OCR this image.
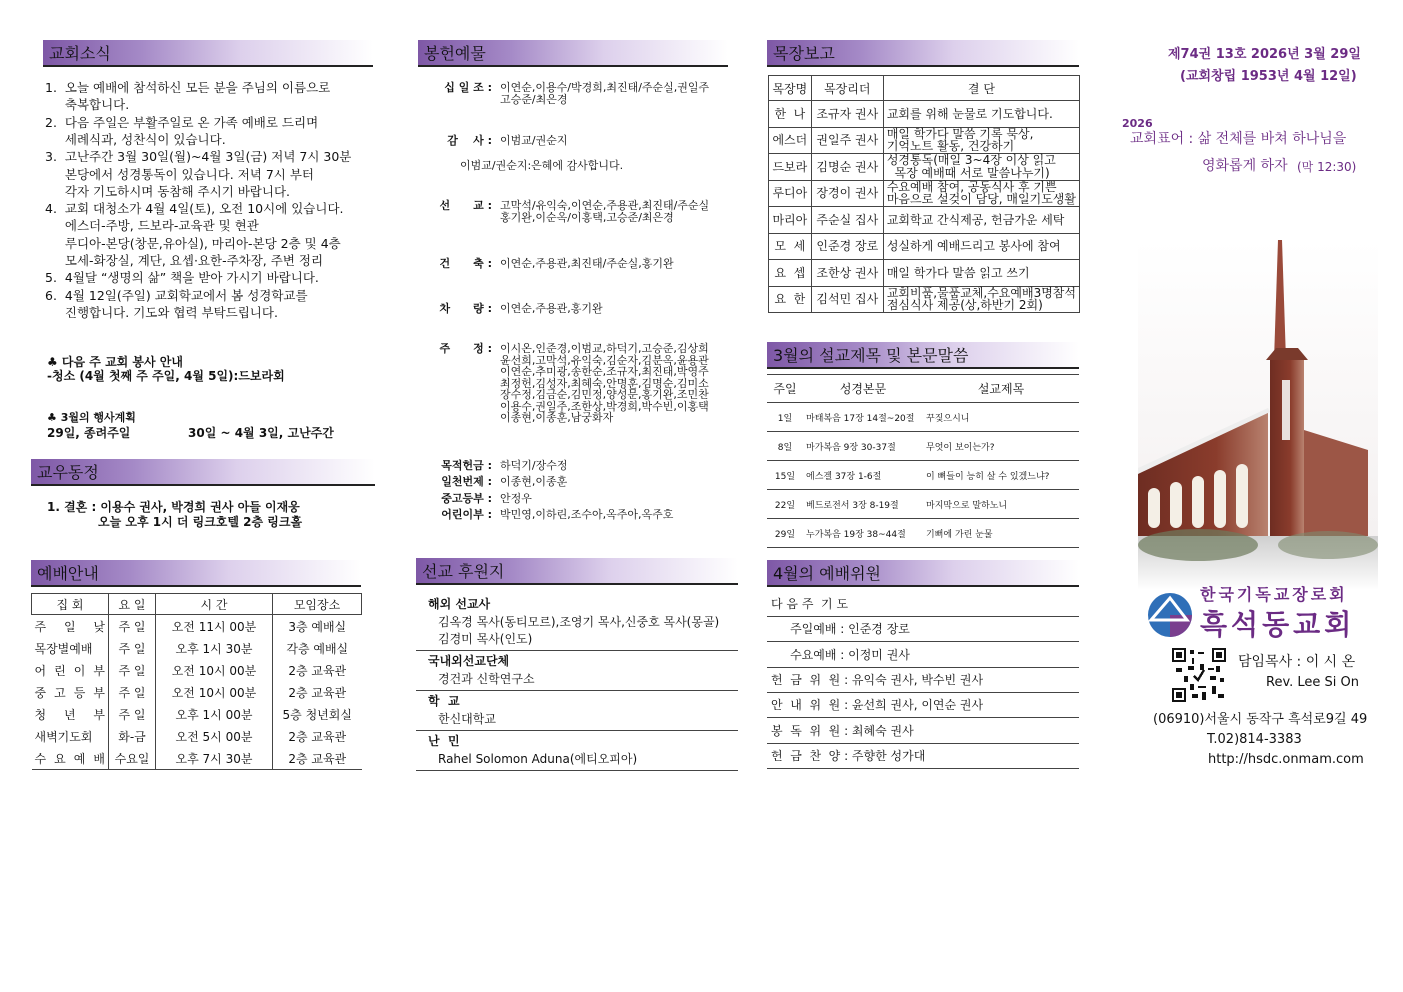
교회소식
1.  오늘 예배에 참석하신 모든 분을 주님의 이름으로
축복합니다.
2.  다음 주일은 부활주일로 온 가족 예배로 드리며
세례식과, 성찬식이 있습니다.
3.  고난주간 3월 30일(월)~4월 3일(금) 저녁 7시 30분
본당에서 성경통독이 있습니다. 저녁 7시 부터
각자 기도하시며 동참해 주시기 바랍니다.
4.  교회 대청소가 4월 4일(토), 오전 10시에 있습니다.
에스더-주방, 드보라-교육관 및 현관
루디아-본당(창문,유아실), 마리아-본당 2층 및 4층
모세-화장실, 계단, 요셉·요한-주차장, 주변 정리
5.  4월달 “생명의 삶” 책을 받아 가시기 바랍니다.
6.  4월 12일(주일) 교회학교에서 봄 성경학교를
진행합니다. 기도와 협력 부탁드립니다.
♣ 다음 주 교회 봉사 안내
-청소 (4월 첫째 주 주일, 4월 5일):드보라회
♣ 3월의 행사계획
29일, 종려주일	30일 ~ 4월 3일, 고난주간
교우동정
1. 결혼 : 이용수 권사, 박경희 권사 아들 이재웅
오늘 오후 1시 더 링크호텔 2층 링크홀
예배안내
집 회	요 일	시 간	모임장소
주 일 낮	주 일	오전 11시 00분	3층 예배실
목장별예배	주 일	오후 1시 30분	각층 예배실
어 린 이 부	주 일	오전 10시 00분	2층 교육관
중 고 등 부	주 일	오전 10시 00분	2층 교육관
청 년 부	주 일	오후 1시 00분	5층 청년회실
새벽기도회	화-금	오전 5시 00분	2층 교육관
수 요 예 배	수요일	오후 7시 30분	2층 교육관
봉헌예물
십 일 조 : 이연순,이용수/박경희,최진태/주순실,권일주
고승준/최은경
감    사 : 이범교/권순지
이범교/권순지:은혜에 감사합니다.
선      교 : 고막석/유익숙,이연순,주용관,최진태/주순실
홍기완,이순옥/이홍택,고승준/최은경
건      축 : 이연순,주용관,최진태/주순실,홍기완
차      량 : 이연순,주용관,홍기완
주      정 : 이시온,인준경,이범교,하덕기,고승준,김상희
윤선희,고막석,유익숙,김순자,김분옥,윤용관
이연순,추미광,송한순,조규자,최진태,박영주
최정헌,김성자,최혜숙,안명훈,김명순,김미소
장수정,김금순,김민정,양성문,홍기완,조민찬
이용수,권일주,조한상,박경희,박수빈,이홍택
이종현,이종훈,남궁화자
목적헌금 : 하덕기/장수정
일천번제 : 이종현,이종훈
중고등부 : 안정우
어린이부 : 박민영,이하린,조수아,옥주아,옥주호
선교 후원지
해외 선교사
김옥경 목사(동티모르),조영기 목사,신중호 목사(몽골)
김경미 목사(인도)
국내외선교단체
경건과 신학연구소
학  교
한신대학교
난  민
Rahel Solomon Aduna(에티오피아)
목장보고
목장명	목장리더	결 단
한  나	조규자 권사	교회를 위해 눈물로 기도합니다.
에스더	권일주 권사	매일 학가다 말씀 기록 묵상,
기억노트 활동, 건강하기
드보라	김명순 권사	성경통독(매일 3~4장 이상 읽고
목장 예배때 서로 말씀나누기)
루디아	장경이 권사	수요예배 참여, 공동식사 후 기쁜
마음으로 설겆이 담당, 매일기도생활
마리아	주순실 집사	교회학교 간식제공, 헌금가운 세탁
모  세	인준경 장로	성실하게 예배드리고 봉사에 참여
요  셉	조한상 권사	매일 학가다 말씀 읽고 쓰기
요  한	김석민 집사	교회비품,물품교체,수요예배3명참석
점심식사 제공(상,하반기 2회)
3월의 설교제목 및 본문말씀
주일	성경본문	설교제목
1일	마태복음 17장 14절~20절	꾸짖으시니
8일	마가복음 9장 30-37절	무엇이 보이는가?
15일	에스겔 37장 1-6절	이 뼈들이 능히 살 수 있겠느냐?
22일	베드로전서 3장 8-19절	마지막으로 말하노니
29일	누가복음 19장 38~44절	기뻐에 가린 눈물
4월의 예배위원
다 음 주  기 도
주일예배 : 인준경 장로
수요예배 : 이정미 권사
헌  금  위  원 : 유익숙 권사, 박수빈 권사
안  내  위  원 : 윤선희 권사, 이연순 권사
봉  독  위  원 : 최혜숙 권사
헌  금  찬  양 : 주향한 성가대
제74권 13호 2026년 3월 29일
(교회창립 1953년 4월 12일)
2026
교회표어 : 삶 전체를 바쳐 하나님을
영화롭게 하자 (막 12:30)
한국기독교장로회
흑석동교회
담임목사 : 이 시 온
Rev. Lee Si On
(06910)서울시 동작구 흑석로9길 49
T.02)814-3383
http://hsdc.onmam.com
